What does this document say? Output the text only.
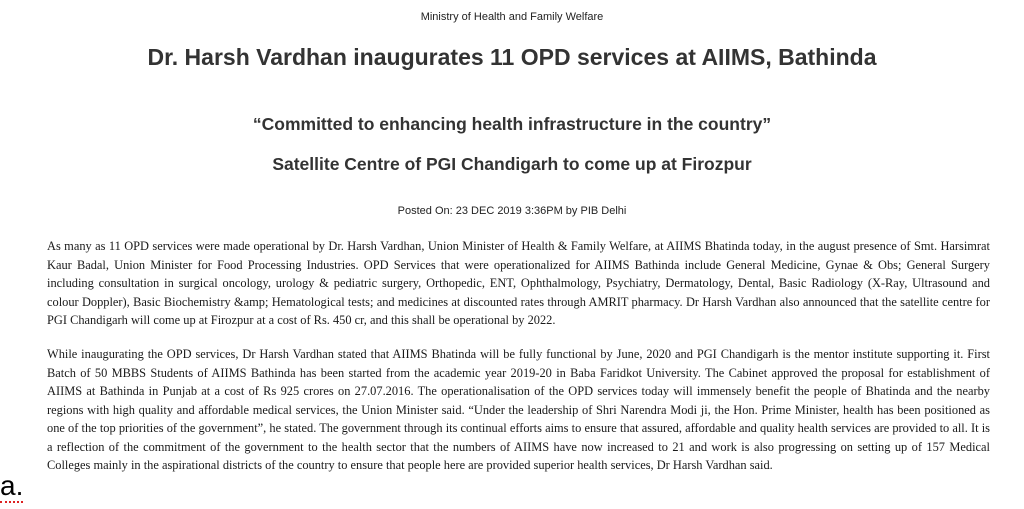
Ministry of Health and Family Welfare
Dr. Harsh Vardhan inaugurates 11 OPD services at AIIMS, Bathinda
“Committed to enhancing health infrastructure in the country”
Satellite Centre of PGI Chandigarh to come up at Firozpur
Posted On: 23 DEC 2019 3:36PM by PIB Delhi

As many as 11 OPD services were made operational by Dr. Harsh Vardhan, Union Minister of Health & Family Welfare, at AIIMS Bhatinda today, in the august presence of Smt. Harsimrat Kaur Badal, Union Minister for Food Processing Industries. OPD Services that were operationalized for AIIMS Bathinda include General Medicine, Gynae & Obs; General Surgery including consultation in surgical oncology, urology & pediatric surgery, Orthopedic, ENT, Ophthalmology, Psychiatry, Dermatology, Dental, Basic Radiology (X-Ray, Ultrasound and colour Doppler), Basic Biochemistry &amp; Hematological tests; and medicines at discounted rates through AMRIT pharmacy. Dr Harsh Vardhan also announced that the satellite centre for PGI Chandigarh will come up at Firozpur at a cost of Rs. 450 cr, and this shall be operational by 2022.

While inaugurating the OPD services, Dr Harsh Vardhan stated that AIIMS Bhatinda will be fully functional by June, 2020 and PGI Chandigarh is the mentor institute supporting it. First Batch of 50 MBBS Students of AIIMS Bathinda has been started from the academic year 2019-20 in Baba Faridkot University. The Cabinet approved the proposal for establishment of AIIMS at Bathinda in Punjab at a cost of Rs 925 crores on 27.07.2016. The operationalisation of the OPD services today will immensely benefit the people of Bhatinda and the nearby regions with high quality and affordable medical services, the Union Minister said. “Under the leadership of Shri Narendra Modi ji, the Hon. Prime Minister, health has been positioned as one of the top priorities of the government”, he stated. The government through its continual efforts aims to ensure that assured, affordable and quality health services are provided to all. It is a reflection of the commitment of the government to the health sector that the numbers of AIIMS have now increased to 21 and work is also progressing on setting up of 157 Medical Colleges mainly in the aspirational districts of the country to ensure that people here are provided superior health services, Dr Harsh Vardhan said.

a.
